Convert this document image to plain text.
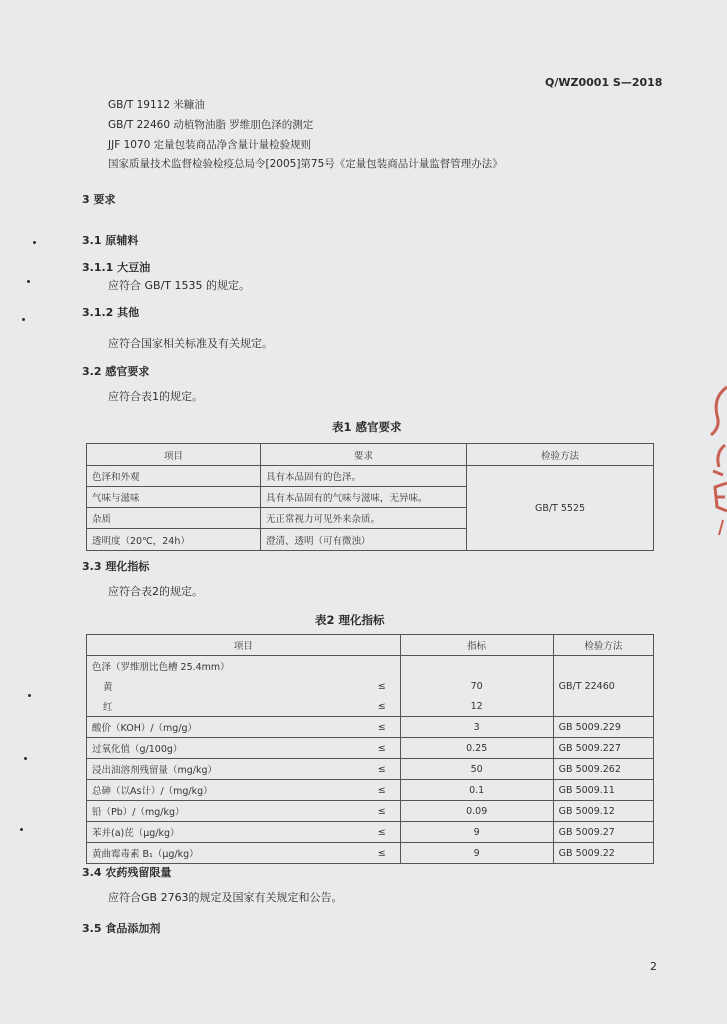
Q/WZ0001 S—2018
GB/T 19112 米糠油
GB/T 22460 动植物油脂 罗维朋色泽的测定
JJF 1070 定量包装商品净含量计量检验规则
国家质量技术监督检验检疫总局令[2005]第75号《定量包装商品计量监督管理办法》
3 要求
3.1 原辅料
3.1.1 大豆油
应符合 GB/T 1535 的规定。
3.1.2 其他
应符合国家相关标准及有关规定。
3.2 感官要求
应符合表1的规定。
表1 感官要求
项目	要求	检验方法
色泽和外观	具有本品固有的色泽。	GB/T 5525
气味与滋味	具有本品固有的气味与滋味，无异味。	
杂质	无正常视力可见外来杂质。	
透明度（20℃，24h）	澄清、透明（可有微浊）	
3.3 理化指标
应符合表2的规定。
表2 理化指标
项目		指标	检验方法
色泽（罗维朋比色槽 25.4mm）			
黄	≤	70	GB/T 22460
红	≤	12	
酸价（KOH）/（mg/g）	≤	3	GB 5009.229
过氧化值（g/100g）	≤	0.25	GB 5009.227
浸出油溶剂残留量（mg/kg）	≤	50	GB 5009.262
总砷（以As计）/（mg/kg）	≤	0.1	GB 5009.11
铅（Pb）/（mg/kg）	≤	0.09	GB 5009.12
苯并(a)芘（μg/kg）	≤	9	GB 5009.27
黄曲霉毒素 B₁（μg/kg）	≤	9	GB 5009.22
3.4 农药残留限量
应符合GB 2763的规定及国家有关规定和公告。
3.5 食品添加剂
2
